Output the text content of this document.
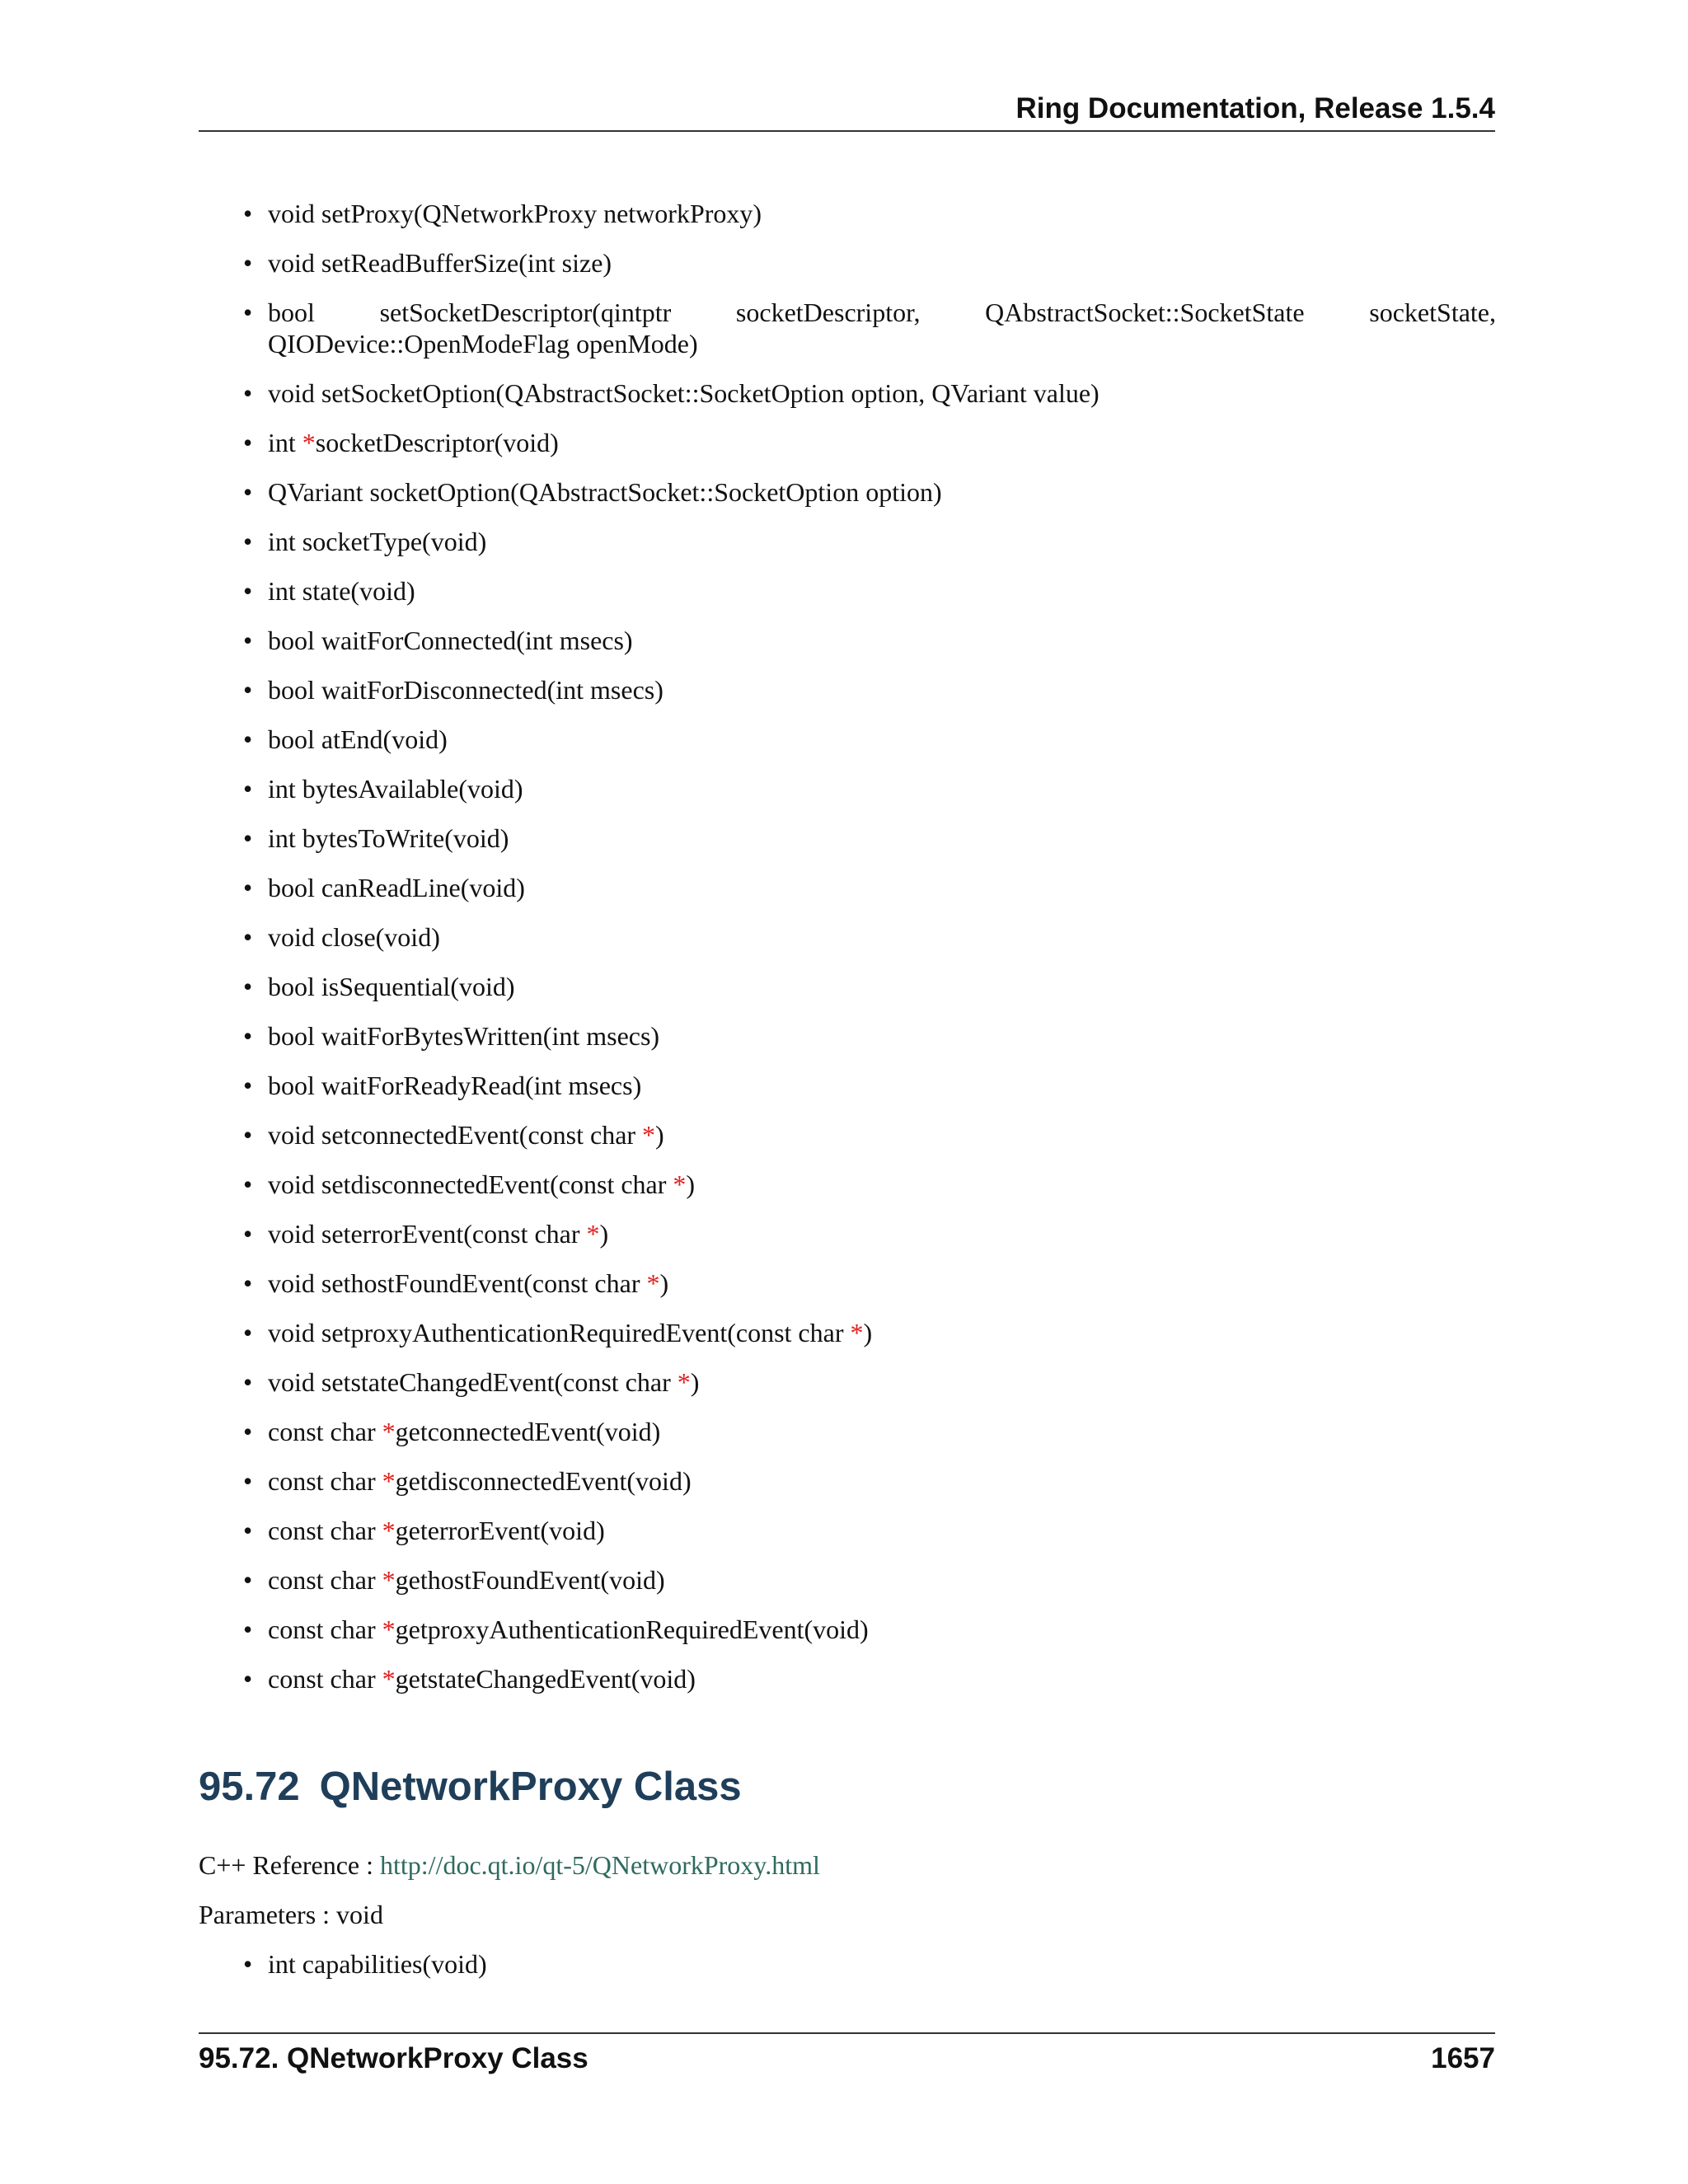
Ring Documentation, Release 1.5.4
• void setProxy(QNetworkProxy networkProxy)
• void setReadBufferSize(int size)
• bool setSocketDescriptor(qintptr socketDescriptor, QAbstractSocket::SocketState socketState, QIODevice::OpenModeFlag openMode)
• void setSocketOption(QAbstractSocket::SocketOption option, QVariant value)
• int *socketDescriptor(void)
• QVariant socketOption(QAbstractSocket::SocketOption option)
• int socketType(void)
• int state(void)
• bool waitForConnected(int msecs)
• bool waitForDisconnected(int msecs)
• bool atEnd(void)
• int bytesAvailable(void)
• int bytesToWrite(void)
• bool canReadLine(void)
• void close(void)
• bool isSequential(void)
• bool waitForBytesWritten(int msecs)
• bool waitForReadyRead(int msecs)
• void setconnectedEvent(const char *)
• void setdisconnectedEvent(const char *)
• void seterrorEvent(const char *)
• void sethostFoundEvent(const char *)
• void setproxyAuthenticationRequiredEvent(const char *)
• void setstateChangedEvent(const char *)
• const char *getconnectedEvent(void)
• const char *getdisconnectedEvent(void)
• const char *geterrorEvent(void)
• const char *gethostFoundEvent(void)
• const char *getproxyAuthenticationRequiredEvent(void)
• const char *getstateChangedEvent(void)
95.72 QNetworkProxy Class
C++ Reference : http://doc.qt.io/qt-5/QNetworkProxy.html
Parameters : void
• int capabilities(void)
95.72. QNetworkProxy Class	1657
